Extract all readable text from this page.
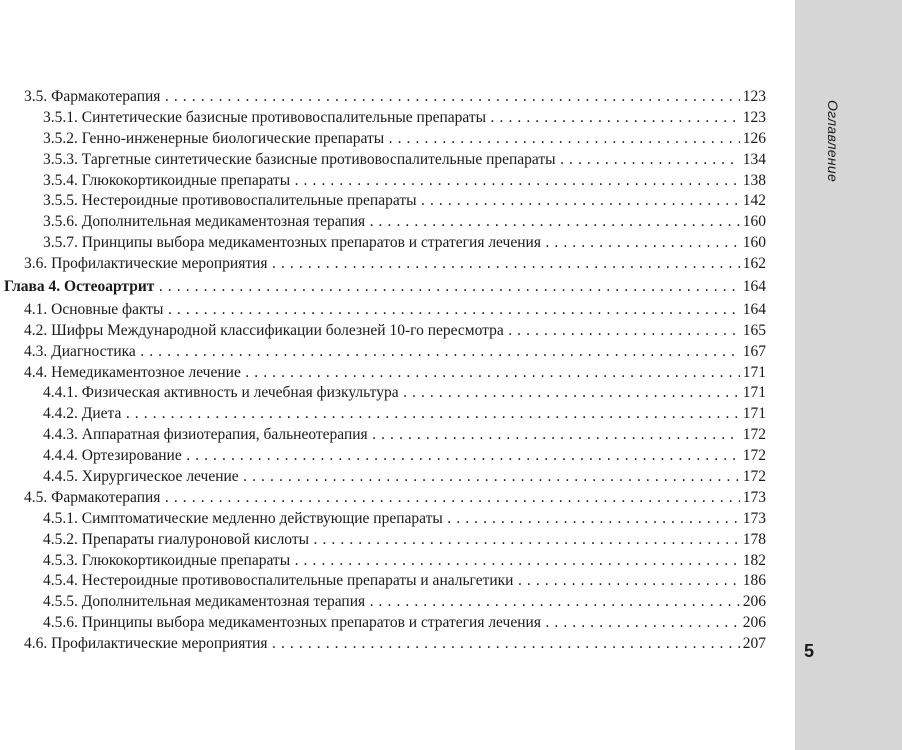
Оглавление
5
3.5. Фармакотерапия . . .	123
3.5.1. Синтетические базисные противовоспалительные препараты . . .	123
3.5.2. Генно-инженерные биологические препараты . . .	126
3.5.3. Таргетные синтетические базисные противовоспалительные препараты . . .	134
3.5.4. Глюкокортикоидные препараты . . .	138
3.5.5. Нестероидные противовоспалительные препараты . . .	142
3.5.6. Дополнительная медикаментозная терапия . . .	160
3.5.7. Принципы выбора медикаментозных препаратов и стратегия лечения . . .	160
3.6. Профилактические мероприятия . . .	162
Глава 4. Остеоартрит . . .	164
4.1. Основные факты . . .	164
4.2. Шифры Международной классификации болезней 10-го пересмотра . . .	165
4.3. Диагностика . . .	167
4.4. Немедикаментозное лечение . . .	171
4.4.1. Физическая активность и лечебная физкультура . . .	171
4.4.2. Диета . . .	171
4.4.3. Аппаратная физиотерапия, бальнеотерапия . . .	172
4.4.4. Ортезирование . . .	172
4.4.5. Хирургическое лечение . . .	172
4.5. Фармакотерапия . . .	173
4.5.1. Симптоматические медленно действующие препараты . . .	173
4.5.2. Препараты гиалуроновой кислоты . . .	178
4.5.3. Глюкокортикоидные препараты . . .	182
4.5.4. Нестероидные противовоспалительные препараты и анальгетики . . .	186
4.5.5. Дополнительная медикаментозная терапия . . .	206
4.5.6. Принципы выбора медикаментозных препаратов и стратегия лечения . . .	206
4.6. Профилактические мероприятия . . .	207
